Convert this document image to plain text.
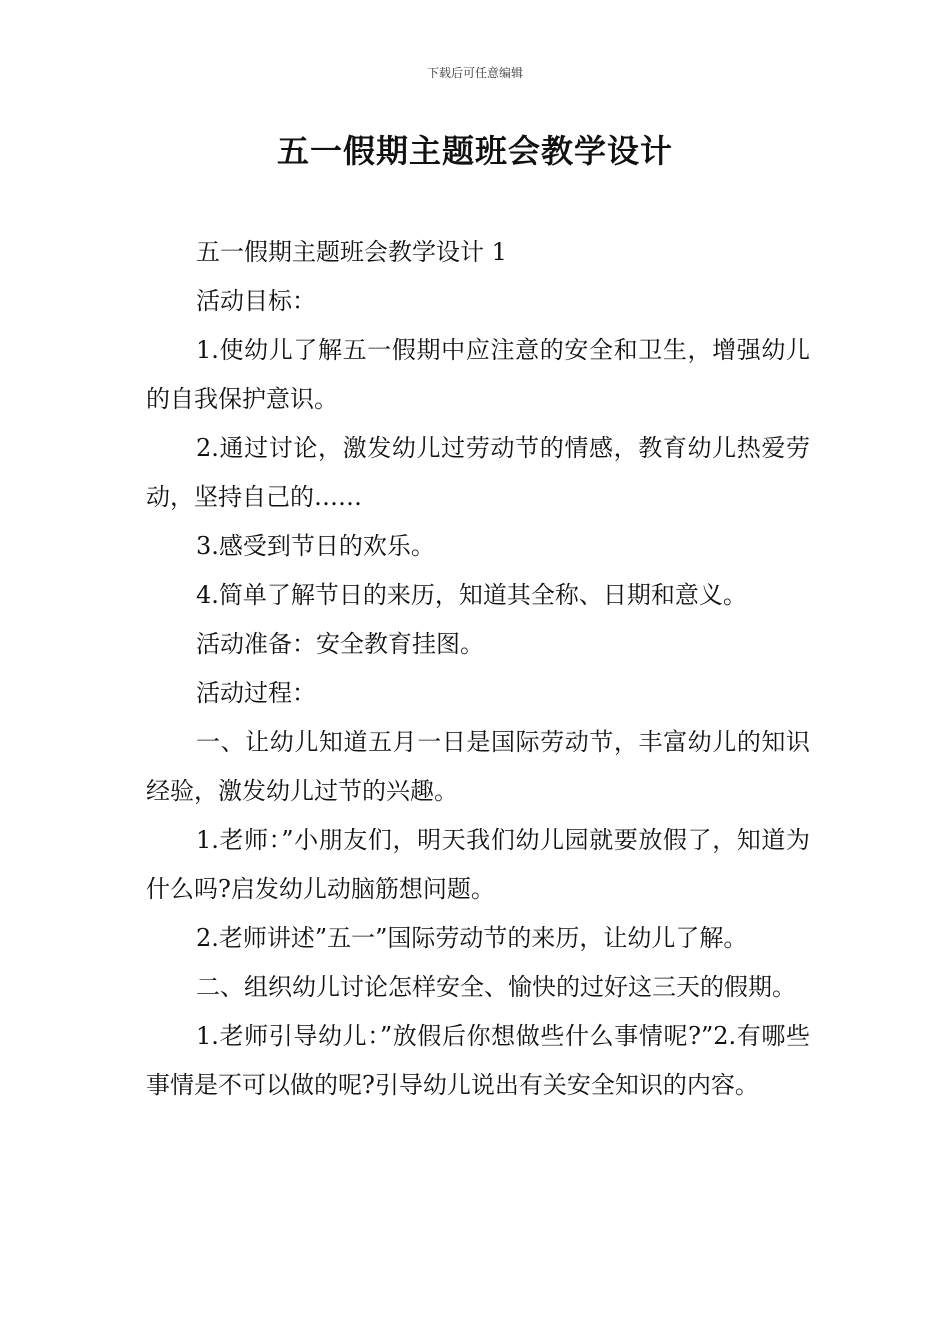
下载后可任意编辑
五一假期主题班会教学设计

五一假期主题班会教学设计 1

活动目标：

1.使幼儿了解五一假期中应注意的安全和卫生，增强幼儿的自我保护意识。

2.通过讨论，激发幼儿过劳动节的情感，教育幼儿热爱劳动，坚持自己的……

3.感受到节日的欢乐。

4.简单了解节日的来历，知道其全称、日期和意义。

活动准备：安全教育挂图。

活动过程：

一、让幼儿知道五月一日是国际劳动节，丰富幼儿的知识经验，激发幼儿过节的兴趣。

1.老师：”小朋友们，明天我们幼儿园就要放假了，知道为什么吗?启发幼儿动脑筋想问题。

2.老师讲述”五一”国际劳动节的来历，让幼儿了解。

二、组织幼儿讨论怎样安全、愉快的过好这三天的假期。

1.老师引导幼儿：”放假后你想做些什么事情呢?”2.有哪些事情是不可以做的呢?引导幼儿说出有关安全知识的内容。
